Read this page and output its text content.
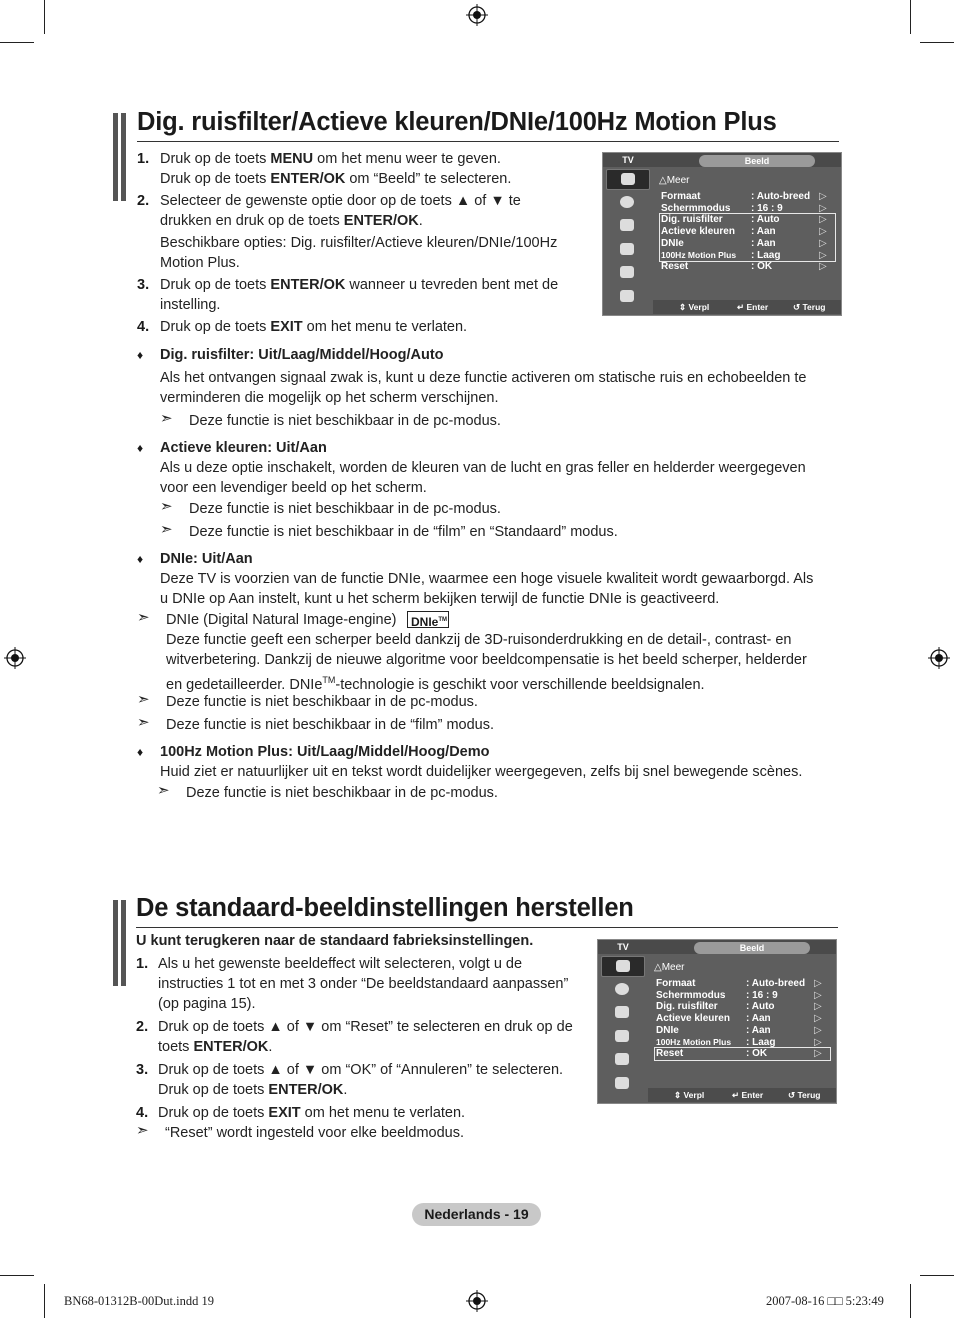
Dig. ruisfilter/Actieve kleuren/DNIe/100Hz Motion Plus
1. Druk op de toets MENU om het menu weer te geven.
Druk op de toets ENTER/OK om “Beeld” te selecteren.
2. Selecteer de gewenste optie door op de toets ▲ of ▼ te
drukken en druk op de toets ENTER/OK.
Beschikbare opties: Dig. ruisfilter/Actieve kleuren/DNIe/100Hz
Motion Plus.
3. Druk op de toets ENTER/OK wanneer u tevreden bent met de
instelling.
4. Druk op de toets EXIT om het menu te verlaten.
♦ Dig. ruisfilter: Uit/Laag/Middel/Hoog/Auto
Als het ontvangen signaal zwak is, kunt u deze functie activeren om statische ruis en echobeelden te
verminderen die mogelijk op het scherm verschijnen.
➣ Deze functie is niet beschikbaar in de pc-modus.
♦ Actieve kleuren: Uit/Aan
Als u deze optie inschakelt, worden de kleuren van de lucht en gras feller en helderder weergegeven
voor een levendiger beeld op het scherm.
➣ Deze functie is niet beschikbaar in de pc-modus.
➣ Deze functie is niet beschikbaar in de “film” en “Standaard” modus.
♦ DNIe: Uit/Aan
Deze TV is voorzien van de functie DNIe, waarmee een hoge visuele kwaliteit wordt gewaarborgd. Als
u DNIe op Aan instelt, kunt u het scherm bekijken terwijl de functie DNIe is geactiveerd.
➣ DNIe (Digital Natural Image-engine)	DNIe™
Deze functie geeft een scherper beeld dankzij de 3D-ruisonderdrukking en de detail-, contrast- en
witverbetering. Dankzij de nieuwe algoritme voor beeldcompensatie is het beeld scherper, helderder
en gedetailleerder. DNIe™-technologie is geschikt voor verschillende beeldsignalen.
➣ Deze functie is niet beschikbaar in de pc-modus.
➣ Deze functie is niet beschikbaar in de “film” modus.
♦ 100Hz Motion Plus: Uit/Laag/Middel/Hoog/Demo
Huid ziet er natuurlijker uit en tekst wordt duidelijker weergegeven, zelfs bij snel bewegende scènes.
➣ Deze functie is niet beschikbaar in de pc-modus.
TV	Beeld
△Meer
Formaat	: Auto-breed ▷
Schermmodus : 16 : 9	▷
Dig. ruisfilter	: Auto	▷
Actieve kleuren : Aan	▷
DNIe	: Aan	▷
100Hz Motion Plus : Laag	▷
Reset	: OK	▷
⇕ Verpl	↵ Enter	↺ Terug
De standaard-beeldinstellingen herstellen
U kunt terugkeren naar de standaard fabrieksinstellingen.
1. Als u het gewenste beeldeffect wilt selecteren, volgt u de
instructies 1 tot en met 3 onder “De beeldstandaard aanpassen”
(op pagina 15).
2. Druk op de toets ▲ of ▼ om “Reset” te selecteren en druk op de
toets ENTER/OK.
3. Druk op de toets ▲ of ▼ om “OK” of “Annuleren” te selecteren.
Druk op de toets ENTER/OK.
4. Druk op de toets EXIT om het menu te verlaten.
➣ “Reset” wordt ingesteld voor elke beeldmodus.
TV	Beeld
△Meer
Formaat	: Auto-breed ▷
Schermmodus : 16 : 9	▷
Dig. ruisfilter	: Auto	▷
Actieve kleuren : Aan	▷
DNIe	: Aan	▷
100Hz Motion Plus : Laag	▷
Reset	: OK	▷
⇕ Verpl	↵ Enter	↺ Terug
Nederlands - 19
BN68-01312B-00Dut.indd 19	2007-08-16 □□ 5:23:49
